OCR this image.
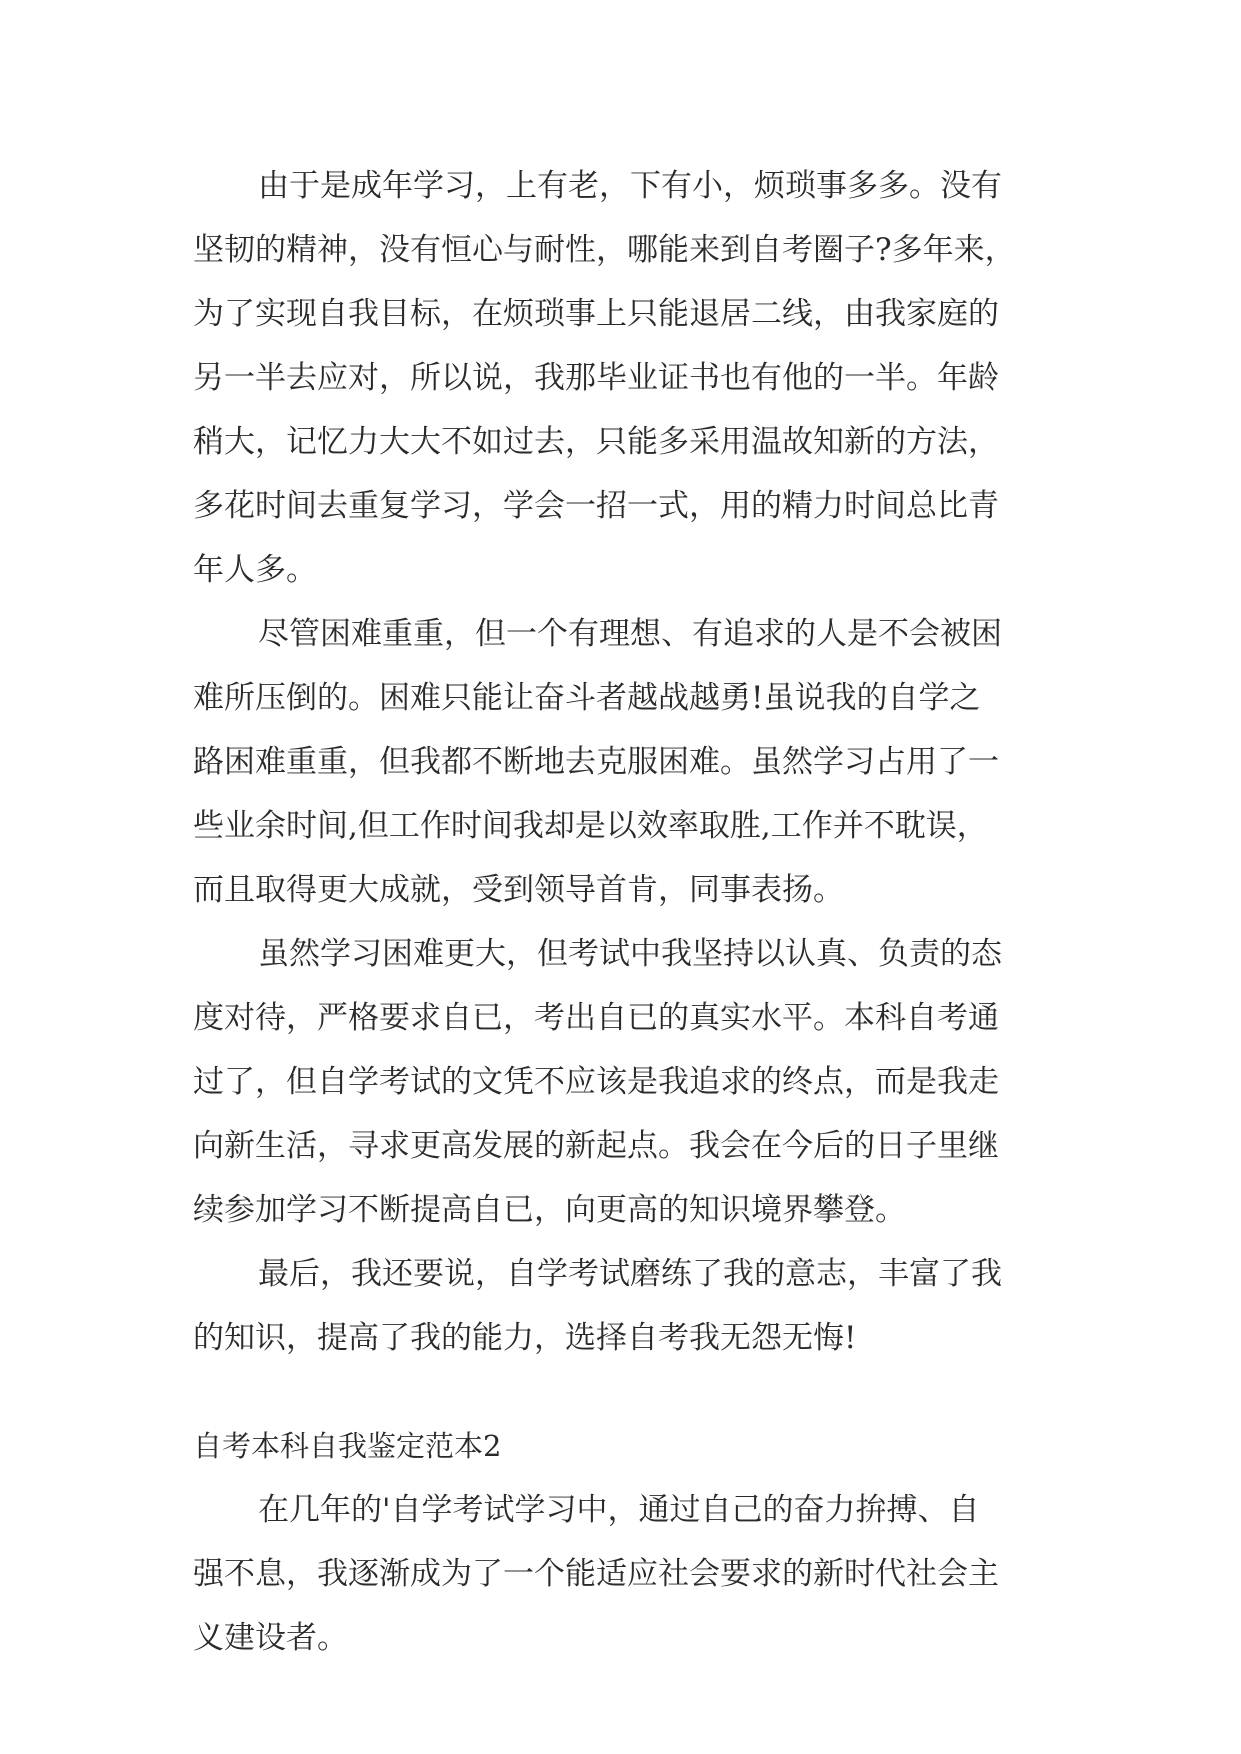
由于是成年学习，上有老，下有小，烦琐事多多。没有

坚韧的精神，没有恒心与耐性，哪能来到自考圈子?多年来，

为了实现自我目标，在烦琐事上只能退居二线，由我家庭的

另一半去应对，所以说，我那毕业证书也有他的一半。年龄

稍大，记忆力大大不如过去，只能多采用温故知新的方法，

多花时间去重复学习，学会一招一式，用的精力时间总比青

年人多。

尽管困难重重，但一个有理想、有追求的人是不会被困

难所压倒的。困难只能让奋斗者越战越勇!虽说我的自学之

路困难重重，但我都不断地去克服困难。虽然学习占用了一

些业余时间,但工作时间我却是以效率取胜,工作并不耽误，

而且取得更大成就，受到领导首肯，同事表扬。

虽然学习困难更大，但考试中我坚持以认真、负责的态

度对待，严格要求自已，考出自已的真实水平。本科自考通

过了，但自学考试的文凭不应该是我追求的终点，而是我走

向新生活，寻求更高发展的新起点。我会在今后的日子里继

续参加学习不断提高自已，向更高的知识境界攀登。

最后，我还要说，自学考试磨练了我的意志，丰富了我

的知识，提高了我的能力，选择自考我无怨无悔!

自考本科自我鉴定范本2

在几年的'自学考试学习中，通过自己的奋力拚搏、自

强不息，我逐渐成为了一个能适应社会要求的新时代社会主

义建设者。
